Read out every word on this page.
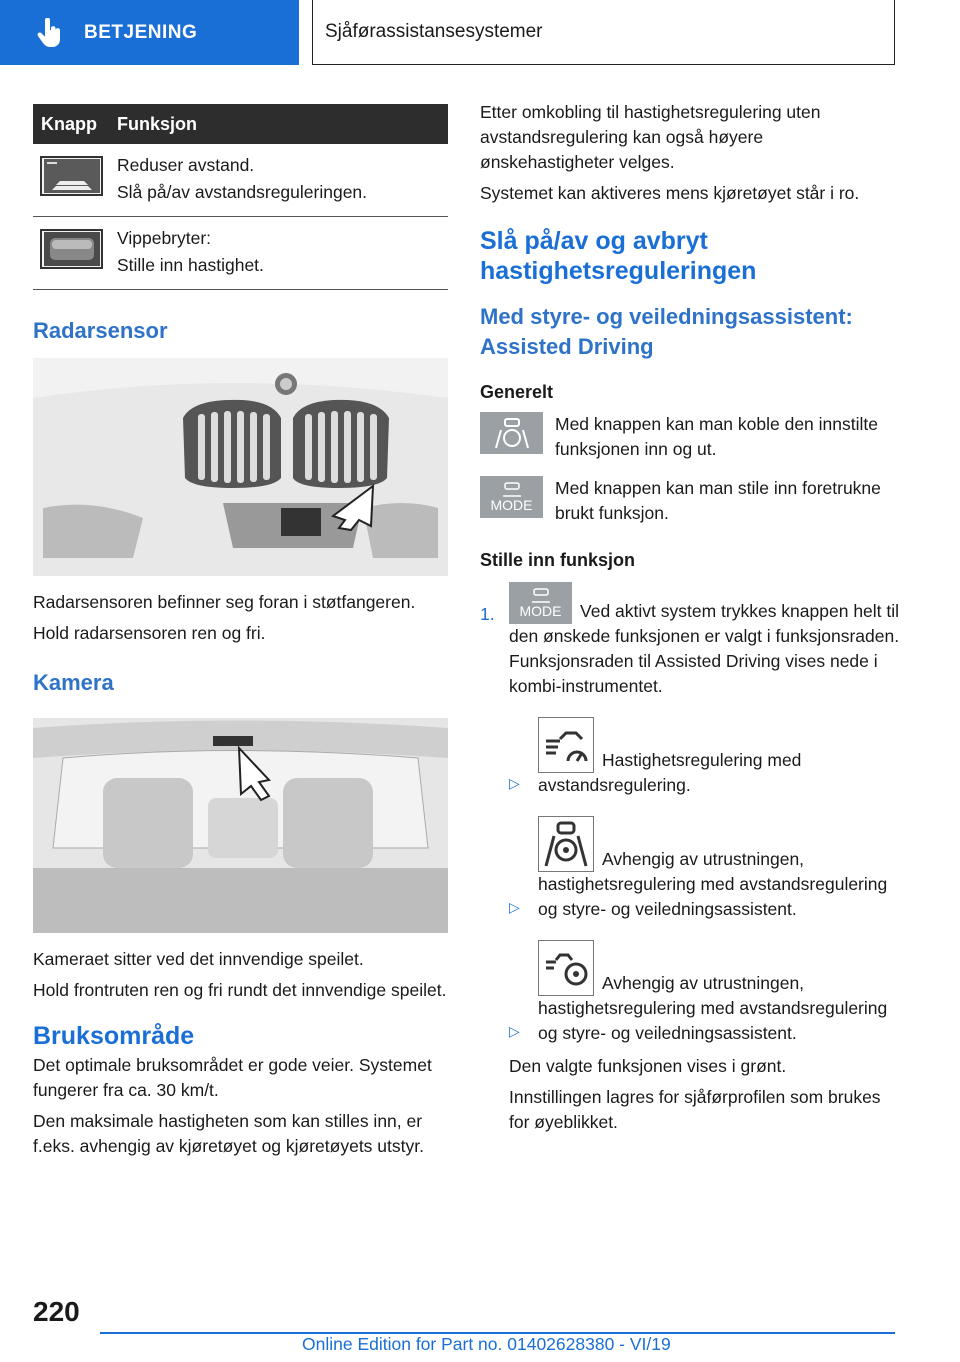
BETJENING	Sjåførassistansesystemer
Knapp	Funksjon
Reduser avstand.
Slå på/av avstandsreguleringen.
Vippebryter:
Stille inn hastighet.
Radarsensor

Radarsensoren befinner seg foran i støtfangeren.

Hold radarsensoren ren og fri.

Kamera

Kameraet sitter ved det innvendige speilet.

Hold frontruten ren og fri rundt det innvendige speilet.

Bruksområde

Det optimale bruksområdet er gode veier. Systemet fungerer fra ca. 30 km/t.

Den maksimale hastigheten som kan stilles inn, er f.eks. avhengig av kjøretøyet og kjøretøyets utstyr.

Etter omkobling til hastighetsregulering uten avstandsregulering kan også høyere ønskehastigheter velges.

Systemet kan aktiveres mens kjøretøyet står i ro.

Slå på/av og avbryt hastighetsreguleringen
Med styre- og veiledningsassistent: Assisted Driving
Generelt
Med knappen kan man koble den innstilte funksjonen inn og ut.
MODE
Med knappen kan man stile inn foretrukne brukt funksjon.
Stille inn funksjon
1. MODE Ved aktivt system trykkes knappen helt til den ønskede funksjonen er valgt i funksjonsraden. Funksjonsraden til Assisted Driving vises nede i kombi-instrumentet.
▷
Hastighetsregulering med avstandsregulering.
▷
Avhengig av utrustningen, hastighetsregulering med avstandsregulering og styre- og veiledningsassistent.
▷
Avhengig av utrustningen, hastighetsregulering med avstandsregulering og styre- og veiledningsassistent.

Den valgte funksjonen vises i grønt.

Innstillingen lagres for sjåførprofilen som brukes for øyeblikket.

220
Online Edition for Part no. 01402628380 - VI/19
